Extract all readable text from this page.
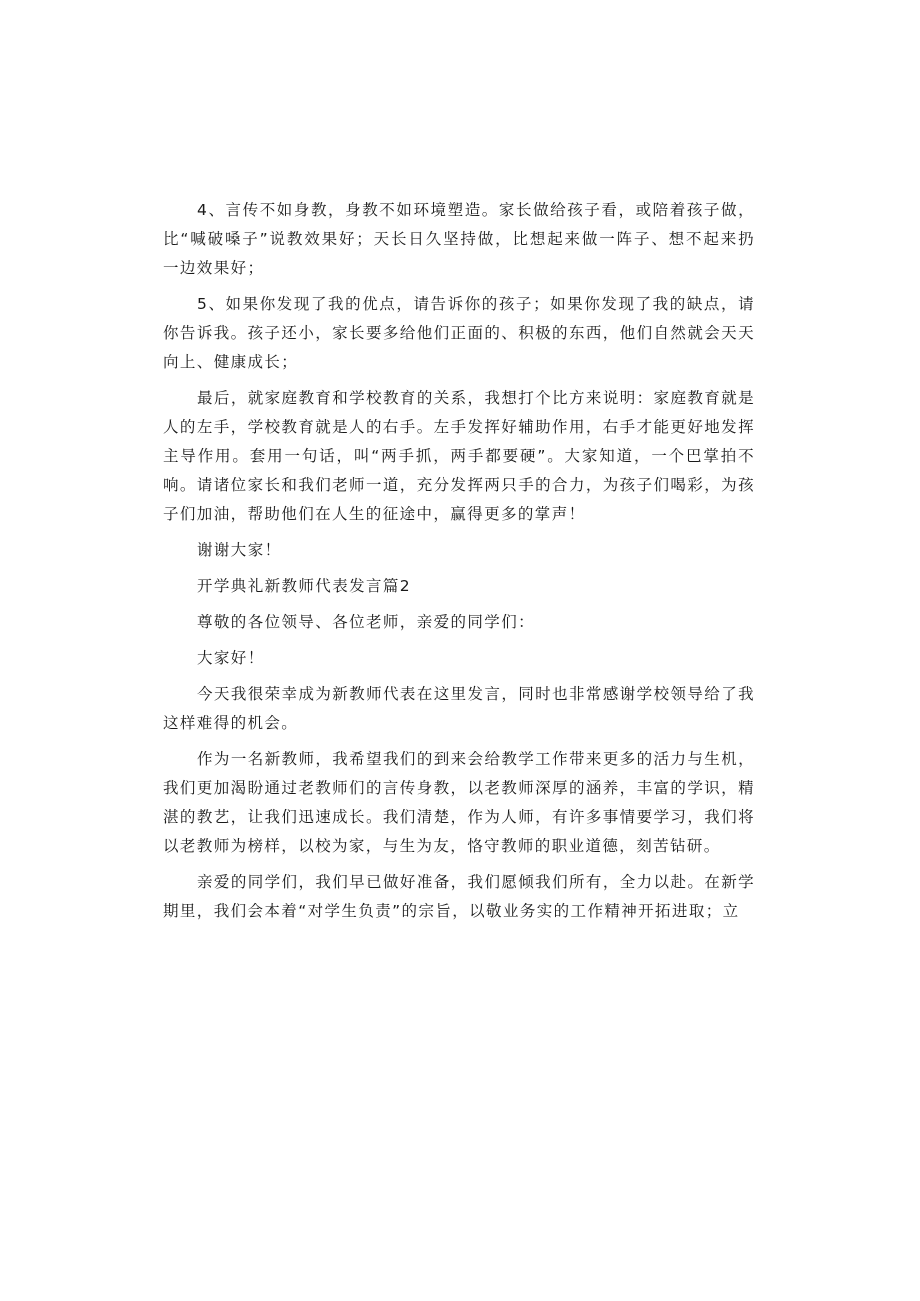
4、言传不如身教，身教不如环境塑造。家长做给孩子看，或陪着孩子做，比“喊破嗓子”说教效果好；天长日久坚持做，比想起来做一阵子、想不起来扔一边效果好；

5、如果你发现了我的优点，请告诉你的孩子；如果你发现了我的缺点，请你告诉我。孩子还小，家长要多给他们正面的、积极的东西，他们自然就会天天向上、健康成长；

最后，就家庭教育和学校教育的关系，我想打个比方来说明：家庭教育就是人的左手，学校教育就是人的右手。左手发挥好辅助作用，右手才能更好地发挥主导作用。套用一句话，叫“两手抓，两手都要硬”。大家知道，一个巴掌拍不响。请诸位家长和我们老师一道，充分发挥两只手的合力，为孩子们喝彩，为孩子们加油，帮助他们在人生的征途中，赢得更多的掌声！

谢谢大家！

开学典礼新教师代表发言篇2

尊敬的各位领导、各位老师，亲爱的同学们：

大家好！

今天我很荣幸成为新教师代表在这里发言，同时也非常感谢学校领导给了我这样难得的机会。

作为一名新教师，我希望我们的到来会给教学工作带来更多的活力与生机，我们更加渴盼通过老教师们的言传身教，以老教师深厚的涵养，丰富的学识，精湛的教艺，让我们迅速成长。我们清楚，作为人师，有许多事情要学习，我们将以老教师为榜样，以校为家，与生为友，恪守教师的职业道德，刻苦钻研。

亲爱的同学们，我们早已做好准备，我们愿倾我们所有，全力以赴。在新学期里，我们会本着“对学生负责”的宗旨，以敬业务实的工作精神开拓进取；立
